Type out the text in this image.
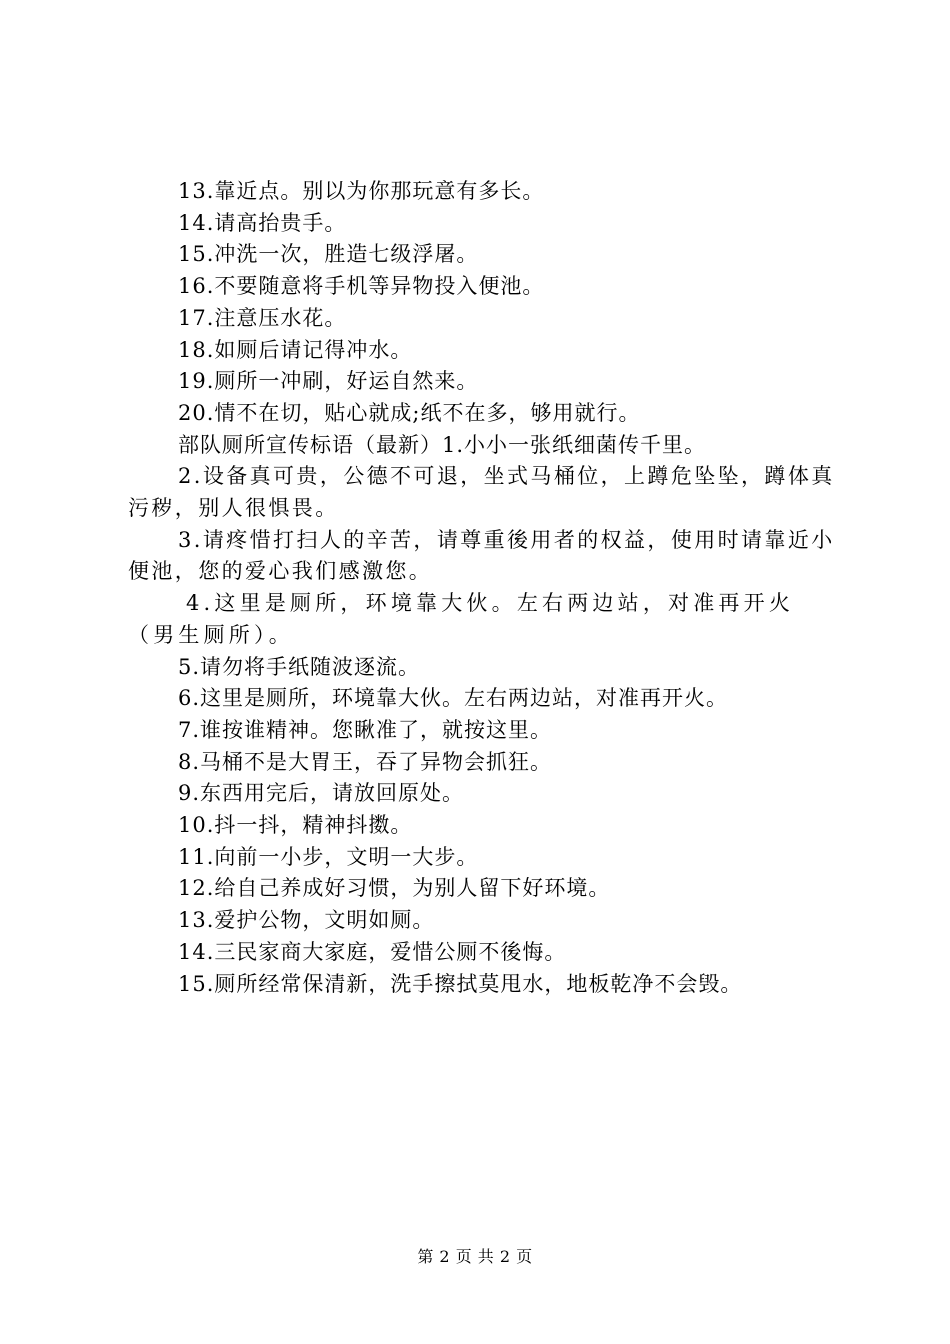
13.靠近点。别以为你那玩意有多长。
14.请高抬贵手。
15.冲洗一次，胜造七级浮屠。
16.不要随意将手机等异物投入便池。
17.注意压水花。
18.如厕后请记得冲水。
19.厕所一冲刷，好运自然来。
20.情不在切，贴心就成;纸不在多，够用就行。
部队厕所宣传标语（最新）1.小小一张纸细菌传千里。
2.设备真可贵，公德不可退，坐式马桶位，上蹲危坠坠，蹲体真污秽，别人很惧畏。
3.请疼惜打扫人的辛苦，请尊重後用者的权益，使用时请靠近小便池，您的爱心我们感激您。
4.这里是厕所，环境靠大伙。左右两边站，对准再开火（男生厕所）。
5.请勿将手纸随波逐流。
6.这里是厕所，环境靠大伙。左右两边站，对准再开火。
7.谁按谁精神。您瞅准了，就按这里。
8.马桶不是大胃王，吞了异物会抓狂。
9.东西用完后，请放回原处。
10.抖一抖，精神抖擞。
11.向前一小步，文明一大步。
12.给自己养成好习惯，为别人留下好环境。
13.爱护公物，文明如厕。
14.三民家商大家庭，爱惜公厕不後悔。
15.厕所经常保清新，洗手擦拭莫甩水，地板乾净不会毁。
第 2 页 共 2 页
